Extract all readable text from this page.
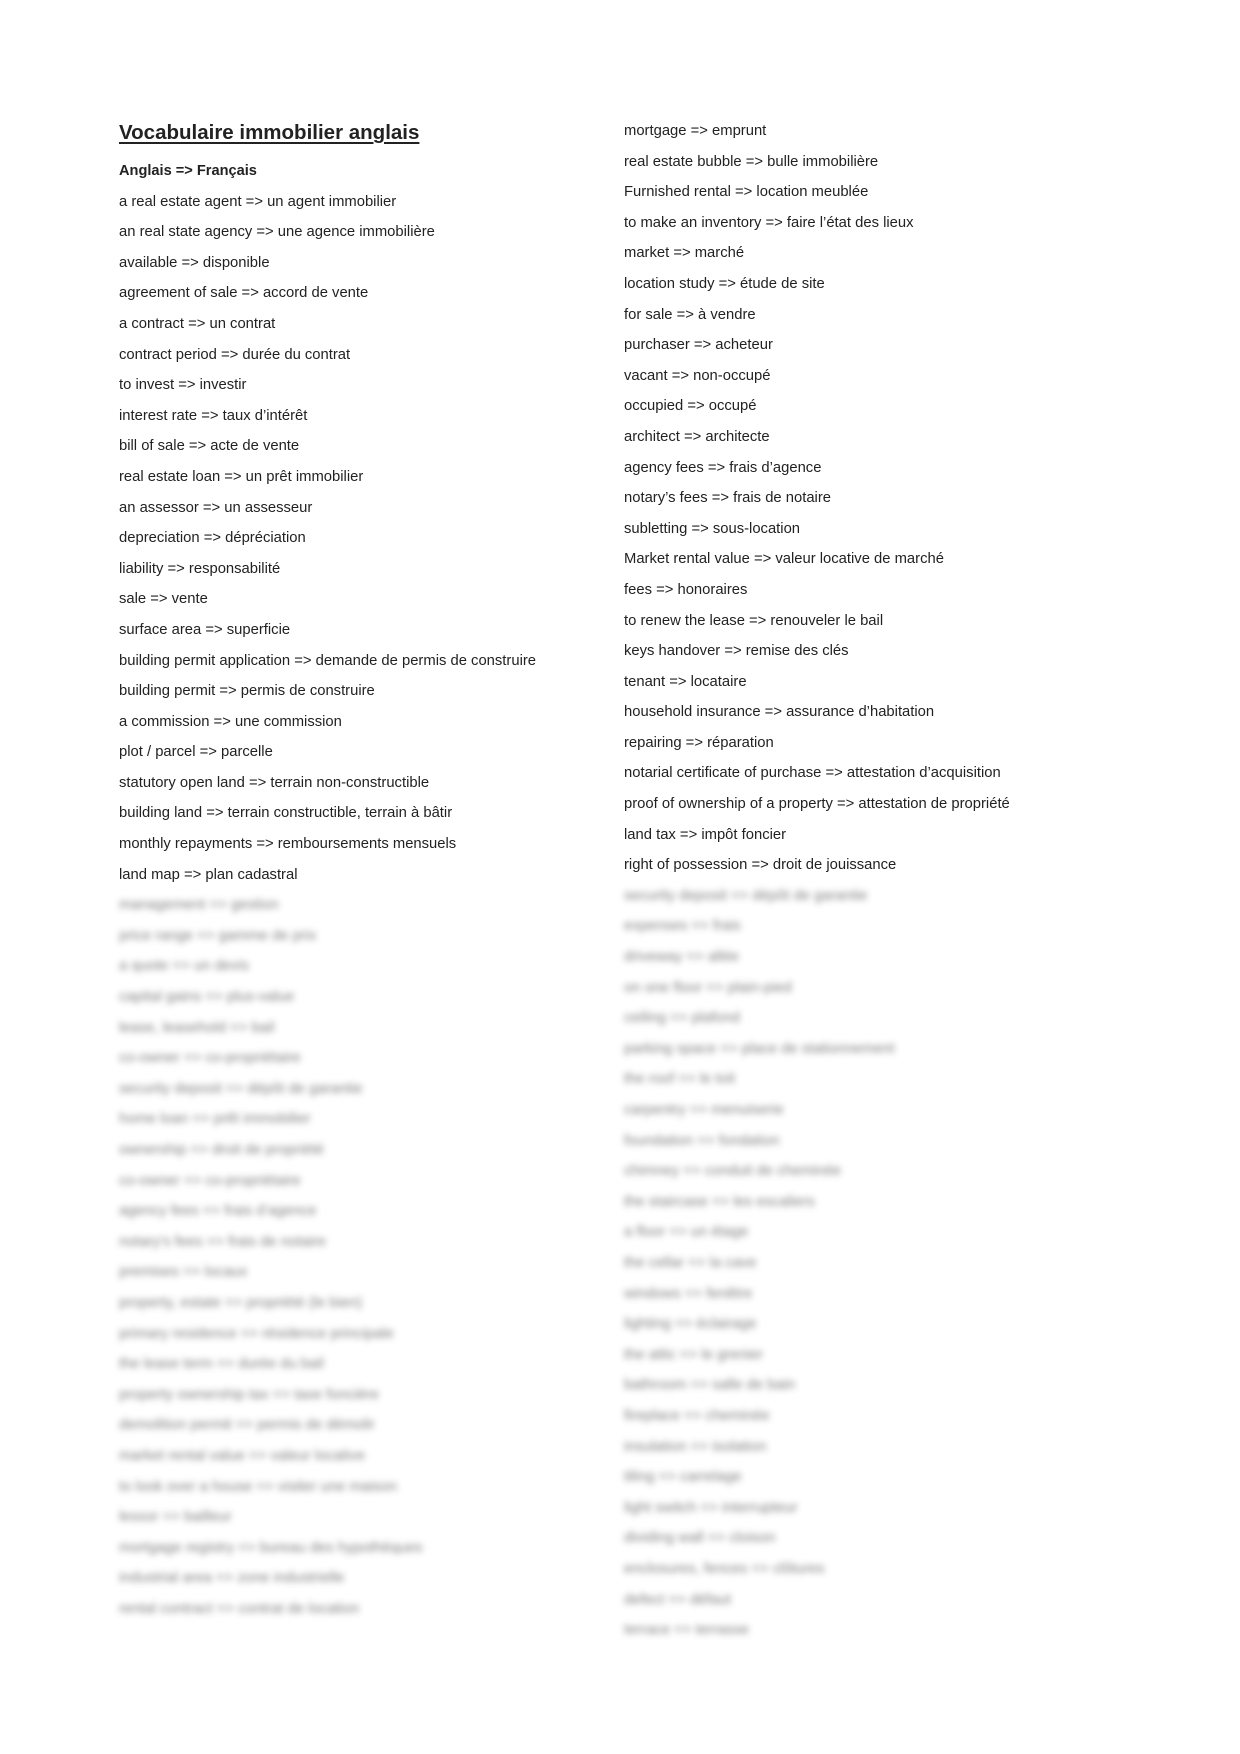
Vocabulaire immobilier anglais
Anglais => Français
a real estate agent => un agent immobilier
an real state agency => une agence immobilière
available => disponible
agreement of sale => accord de vente
a contract => un contrat
contract period => durée du contrat
to invest => investir
interest rate => taux d’intérêt
bill of sale => acte de vente
real estate loan => un prêt immobilier
an assessor => un assesseur
depreciation => dépréciation
liability => responsabilité
sale => vente
surface area => superficie
building permit application => demande de permis de construire
building permit => permis de construire
a commission => une commission
plot / parcel => parcelle
statutory open land => terrain non-constructible
building land => terrain constructible, terrain à bâtir
monthly repayments => remboursements mensuels
land map => plan cadastral
management => gestion
price range => gamme de prix
a quote => un devis
capital gains => plus-value
lease, leasehold => bail
co-owner => co-propriétaire
security deposit => dépôt de garantie
home loan => prêt immobilier
ownership => droit de propriété
co-owner => co-propriétaire
agency fees => frais d’agence
notary’s fees => frais de notaire
premises => locaux
property, estate => propriété (le bien)
primary residence => résidence principale
the lease term => durée du bail
property ownership tax => taxe foncière
demolition permit => permis de démolir
market rental value => valeur locative
to look over a house => visiter une maison
lessor => bailleur
mortgage registry => bureau des hypothèques
industrial area => zone industrielle
rental contract => contrat de location
mortgage => emprunt
real estate bubble => bulle immobilière
Furnished rental => location meublée
to make an inventory => faire l’état des lieux
market => marché
location study => étude de site
for sale => à vendre
purchaser => acheteur
vacant => non-occupé
occupied => occupé
architect => architecte
agency fees => frais d’agence
notary’s fees => frais de notaire
subletting => sous-location
Market rental value => valeur locative de marché
fees => honoraires
to renew the lease => renouveler le bail
keys handover => remise des clés
tenant => locataire
household insurance => assurance d’habitation
repairing => réparation
notarial certificate of purchase => attestation d’acquisition
proof of ownership of a property => attestation de propriété
land tax => impôt foncier
right of possession => droit de jouissance
security deposit => dépôt de garantie
expenses => frais
driveway => allée
on one floor => plain-pied
ceiling => plafond
parking space => place de stationnement
the roof => le toit
carpentry => menuiserie
foundation => fondation
chimney => conduit de cheminée
the staircase => les escaliers
a floor => un étage
the cellar => la cave
windows => fenêtre
lighting => éclairage
the attic => le grenier
bathroom => salle de bain
fireplace => cheminée
insulation => isolation
tiling => carrelage
light switch => interrupteur
dividing wall => cloison
enclosures, fences => clôtures
defect => défaut
terrace => terrasse
